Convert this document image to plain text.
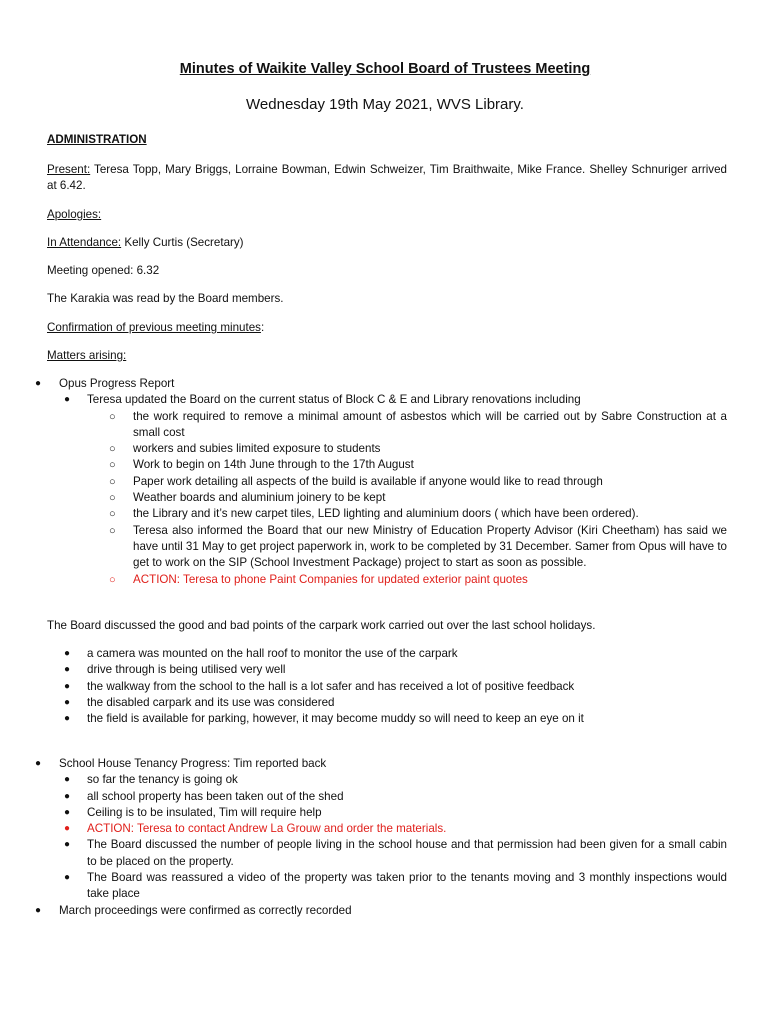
Minutes of Waikite Valley School Board of Trustees Meeting
Wednesday 19th May 2021, WVS Library.
ADMINISTRATION
Present: Teresa Topp, Mary Briggs, Lorraine Bowman, Edwin Schweizer, Tim Braithwaite, Mike France. Shelley Schnuriger arrived at 6.42.
Apologies:
In Attendance: Kelly Curtis (Secretary)
Meeting opened: 6.32
The Karakia was read by the Board members.
Confirmation of previous meeting minutes:
Matters arising:
● Opus Progress Report
● Teresa updated the Board on the current status of Block C & E and Library renovations including
○ the work required to remove a minimal amount of asbestos which will be carried out by Sabre Construction at a small cost
○ workers and subies limited exposure to students
○ Work to begin on 14th June through to the 17th August
○ Paper work detailing all aspects of the build is available if anyone would like to read through
○ Weather boards and aluminium joinery to be kept
○ the Library and it’s new carpet tiles, LED lighting and aluminium doors ( which have been ordered).
○ Teresa also informed the Board that our new Ministry of Education Property Advisor (Kiri Cheetham) has said we have until 31 May to get project paperwork in, work to be completed by 31 December. Samer from Opus will have to get to work on the SIP (School Investment Package) project to start as soon as possible.
○ ACTION: Teresa to phone Paint Companies for updated exterior paint quotes
The Board discussed the good and bad points of the carpark work carried out over the last school holidays.
● a camera was mounted on the hall roof to monitor the use of the carpark
● drive through is being utilised very well
● the walkway from the school to the hall is a lot safer and has received a lot of positive feedback
● the disabled carpark and its use was considered
● the field is available for parking, however, it may become muddy so will need to keep an eye on it
● School House Tenancy Progress: Tim reported back
● so far the tenancy is going ok
● all school property has been taken out of the shed
● Ceiling is to be insulated, Tim will require help
● ACTION: Teresa to contact Andrew La Grouw and order the materials.
● The Board discussed the number of people living in the school house and that permission had been given for a small cabin to be placed on the property.
● The Board was reassured a video of the property was taken prior to the tenants moving and 3 monthly inspections would take place
● March proceedings were confirmed as correctly recorded
